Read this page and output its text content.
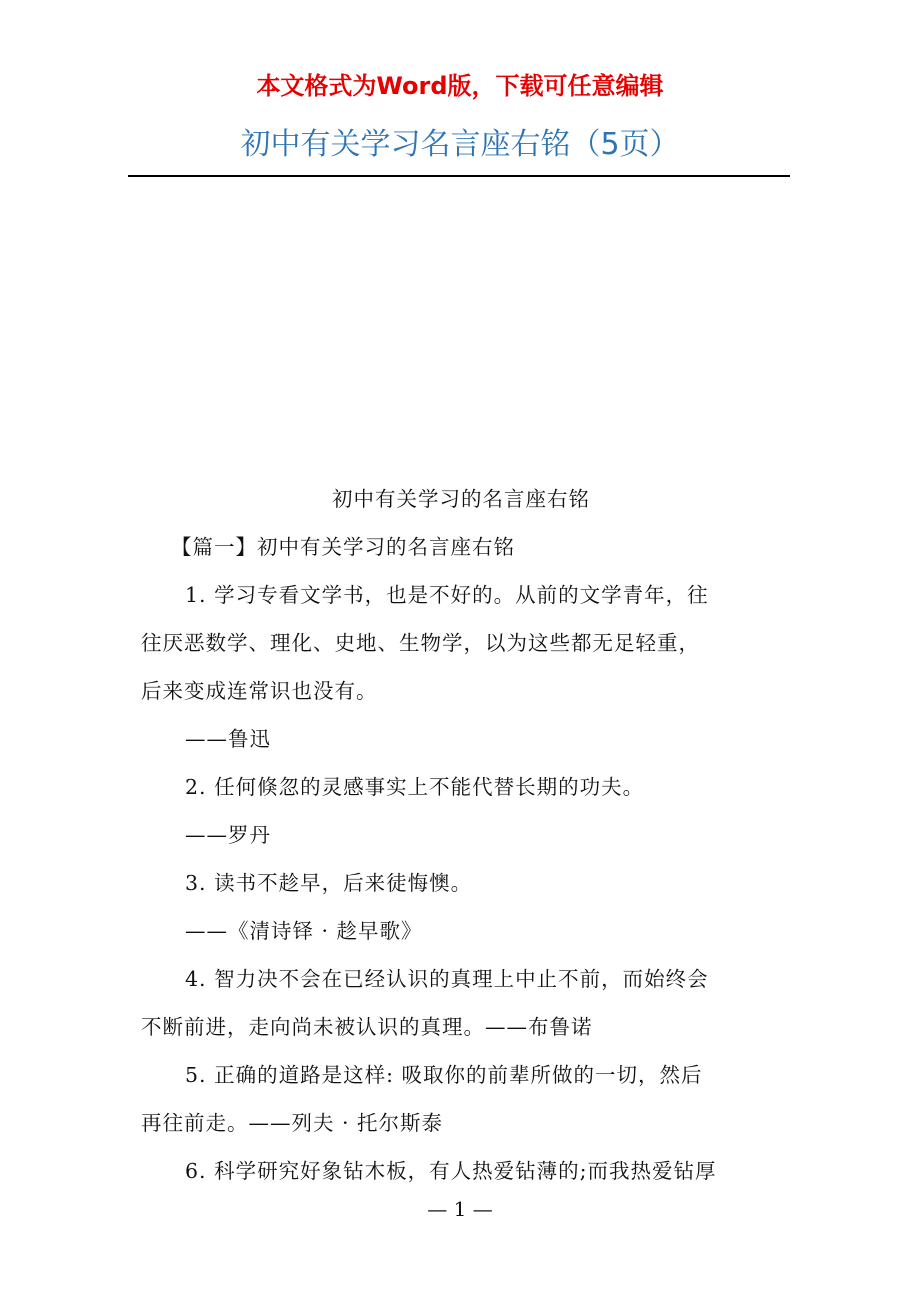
本文格式为Word版，下载可任意编辑
初中有关学习名言座右铭（5页）

初中有关学习的名言座右铭

【篇一】初中有关学习的名言座右铭

1. 学习专看文学书，也是不好的。从前的文学青年，往

往厌恶数学、理化、史地、生物学，以为这些都无足轻重，

后来变成连常识也没有。

——鲁迅

2. 任何倏忽的灵感事实上不能代替长期的功夫。

——罗丹

3. 读书不趁早，后来徒悔懊。

——《清诗铎 · 趁早歌》

4. 智力决不会在已经认识的真理上中止不前，而始终会

不断前进，走向尚未被认识的真理。——布鲁诺

5. 正确的道路是这样: 吸取你的前辈所做的一切，然后

再往前走。——列夫 · 托尔斯泰

6. 科学研究好象钻木板，有人热爱钻薄的;而我热爱钻厚

— 1 —
